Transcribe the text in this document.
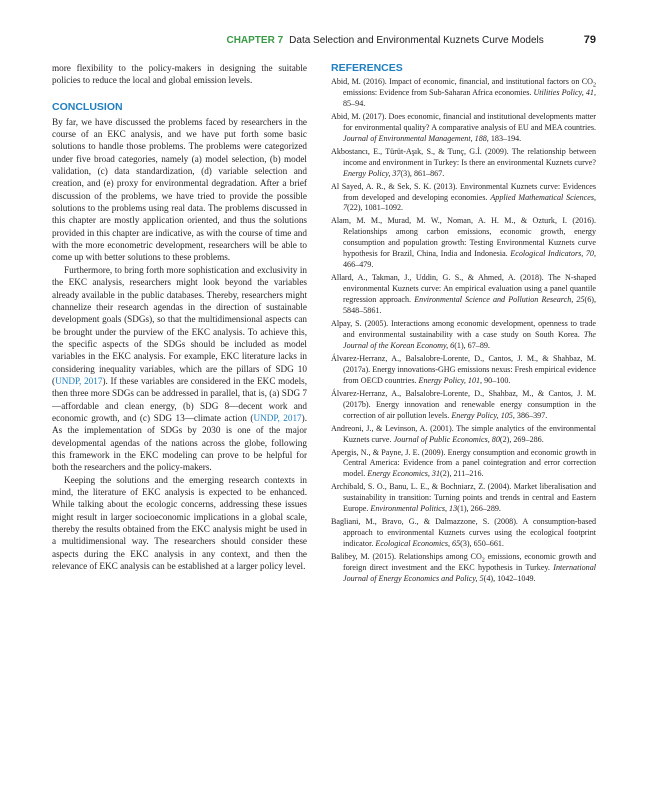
CHAPTER 7 Data Selection and Environmental Kuznets Curve Models	79

more flexibility to the policy-makers in designing the suitable policies to reduce the local and global emission levels.

CONCLUSION

By far, we have discussed the problems faced by researchers in the course of an EKC analysis, and we have put forth some basic solutions to handle those problems. The problems were categorized under five broad categories, namely (a) model selection, (b) model validation, (c) data standardization, (d) variable selection and creation, and (e) proxy for environmental degradation. After a brief discussion of the problems, we have tried to provide the possible solutions to the problems using real data. The problems discussed in this chapter are mostly application oriented, and thus the solutions provided in this chapter are indicative, as with the course of time and with the more econometric development, researchers will be able to come up with better solutions to these problems.

Furthermore, to bring forth more sophistication and exclusivity in the EKC analysis, researchers might look beyond the variables already available in the public databases. Thereby, researchers might channelize their research agendas in the direction of sustainable development goals (SDGs), so that the multidimensional aspects can be brought under the purview of the EKC analysis. To achieve this, the specific aspects of the SDGs should be included as model variables in the EKC analysis. For example, EKC literature lacks in considering inequality variables, which are the pillars of SDG 10 (UNDP, 2017). If these variables are considered in the EKC models, then three more SDGs can be addressed in parallel, that is, (a) SDG 7—affordable and clean energy, (b) SDG 8—decent work and economic growth, and (c) SDG 13—climate action (UNDP, 2017). As the implementation of SDGs by 2030 is one of the major developmental agendas of the nations across the globe, following this framework in the EKC modeling can prove to be helpful for both the researchers and the policy-makers.

Keeping the solutions and the emerging research contexts in mind, the literature of EKC analysis is expected to be enhanced. While talking about the ecologic concerns, addressing these issues might result in larger socioeconomic implications in a global scale, thereby the results obtained from the EKC analysis might be used in a multidimensional way. The researchers should consider these aspects during the EKC analysis in any context, and then the relevance of EKC analysis can be established at a larger policy level.

REFERENCES

Abid, M. (2016). Impact of economic, financial, and institutional factors on $CO_2$ emissions: Evidence from Sub-Saharan Africa economies. Utilities Policy, 41, 85–94.

Abid, M. (2017). Does economic, financial and institutional developments matter for environmental quality? A comparative analysis of EU and MEA countries. Journal of Environmental Management, 188, 183–194.

Akbostancı, E., Türüt-Aşık, S., & Tunç, G.İ. (2009). The relationship between income and environment in Turkey: Is there an environmental Kuznets curve? Energy Policy, 37(3), 861–867.

Al Sayed, A. R., & Sek, S. K. (2013). Environmental Kuznets curve: Evidences from developed and developing economies. Applied Mathematical Sciences, 7(22), 1081–1092.

Alam, M. M., Murad, M. W., Noman, A. H. M., & Ozturk, I. (2016). Relationships among carbon emissions, economic growth, energy consumption and population growth: Testing Environmental Kuznets curve hypothesis for Brazil, China, India and Indonesia. Ecological Indicators, 70, 466–479.

Allard, A., Takman, J., Uddin, G. S., & Ahmed, A. (2018). The N-shaped environmental Kuznets curve: An empirical evaluation using a panel quantile regression approach. Environmental Science and Pollution Research, 25(6), 5848–5861.

Alpay, S. (2005). Interactions among economic development, openness to trade and environmental sustainability with a case study on South Korea. The Journal of the Korean Economy, 6(1), 67–89.

Álvarez-Herranz, A., Balsalobre-Lorente, D., Cantos, J. M., & Shahbaz, M. (2017a). Energy innovations-GHG emissions nexus: Fresh empirical evidence from OECD countries. Energy Policy, 101, 90–100.

Álvarez-Herranz, A., Balsalobre-Lorente, D., Shahbaz, M., & Cantos, J. M. (2017b). Energy innovation and renewable energy consumption in the correction of air pollution levels. Energy Policy, 105, 386–397.

Andreoni, J., & Levinson, A. (2001). The simple analytics of the environmental Kuznets curve. Journal of Public Economics, 80(2), 269–286.

Apergis, N., & Payne, J. E. (2009). Energy consumption and economic growth in Central America: Evidence from a panel cointegration and error correction model. Energy Economics, 31(2), 211–216.

Archibald, S. O., Banu, L. E., & Bochniarz, Z. (2004). Market liberalisation and sustainability in transition: Turning points and trends in central and Eastern Europe. Environmental Politics, 13(1), 266–289.

Bagliani, M., Bravo, G., & Dalmazzone, S. (2008). A consumption-based approach to environmental Kuznets curves using the ecological footprint indicator. Ecological Economics, 65(3), 650–661.

Balibey, M. (2015). Relationships among $CO_2$ emissions, economic growth and foreign direct investment and the EKC hypothesis in Turkey. International Journal of Energy Economics and Policy, 5(4), 1042–1049.
